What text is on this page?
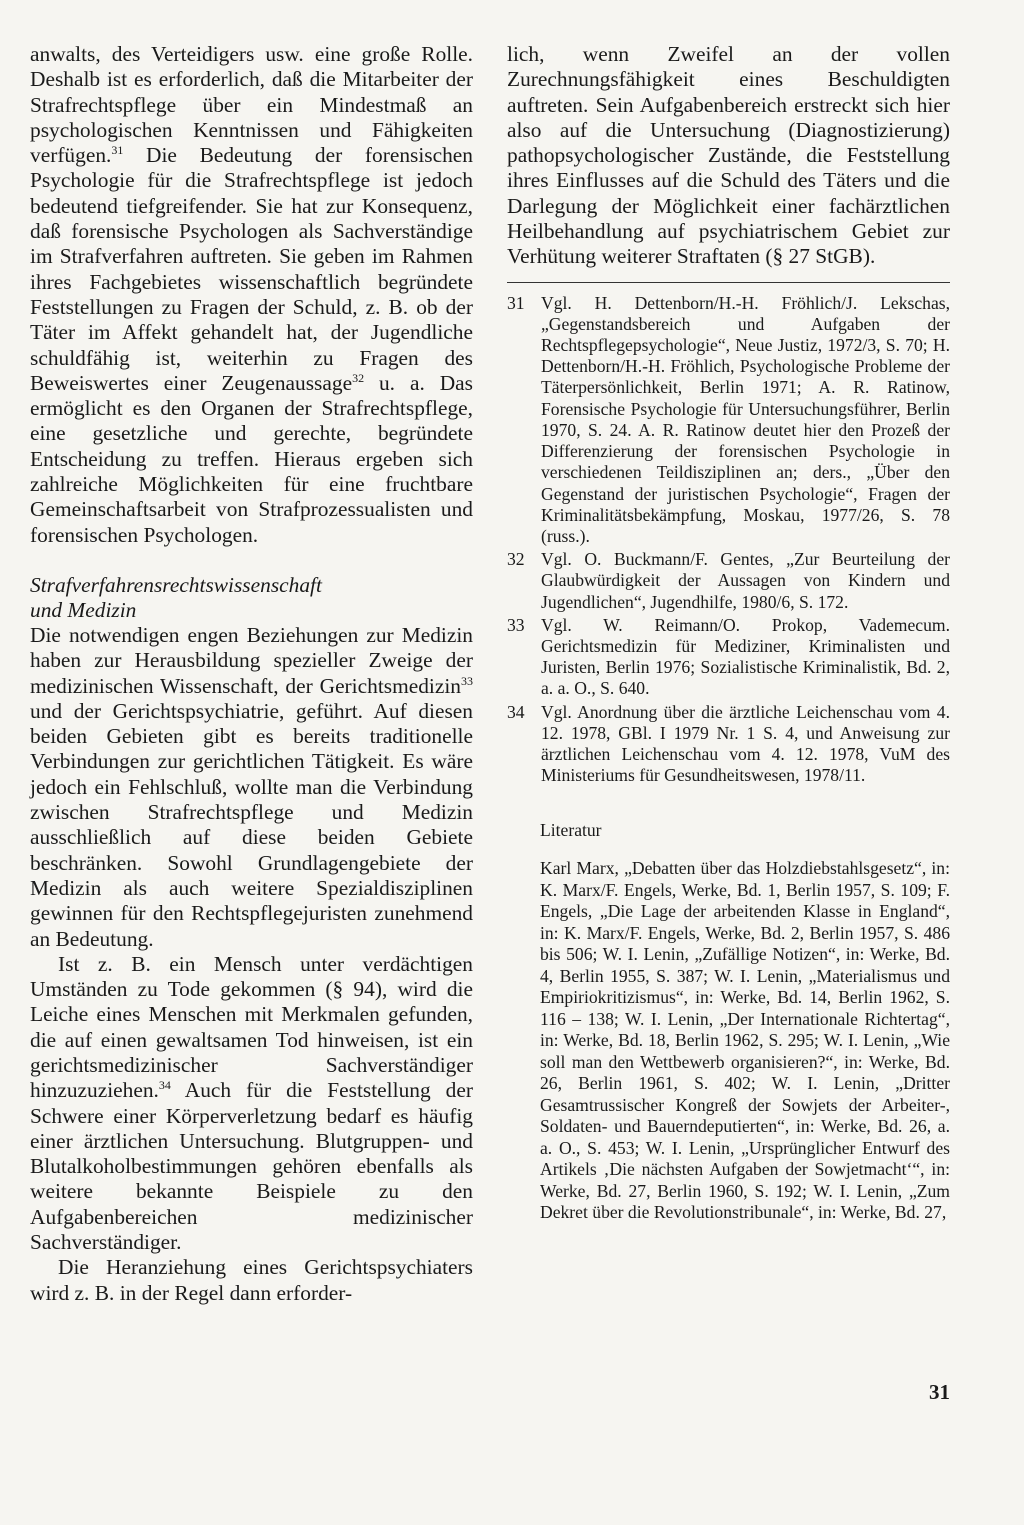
anwalts, des Verteidigers usw. eine große Rolle. Deshalb ist es erforderlich, daß die Mitarbeiter der Strafrechtspflege über ein Mindestmaß an psychologischen Kenntnissen und Fähigkeiten verfügen.$^{31}$ Die Bedeutung der forensischen Psychologie für die Strafrechtspflege ist jedoch bedeutend tiefgreifender. Sie hat zur Konsequenz, daß forensische Psychologen als Sachverständige im Strafverfahren auftreten. Sie geben im Rahmen ihres Fachgebietes wissenschaftlich begründete Feststellungen zu Fragen der Schuld, z. B. ob der Täter im Affekt gehandelt hat, der Jugendliche schuldfähig ist, weiterhin zu Fragen des Beweiswertes einer Zeugenaussage$^{32}$ u. a. Das ermöglicht es den Organen der Strafrechtspflege, eine gesetzliche und gerechte, begründete Entscheidung zu treffen. Hieraus ergeben sich zahlreiche Möglichkeiten für eine fruchtbare Gemeinschaftsarbeit von Strafprozessualisten und forensischen Psychologen.

Strafverfahrensrechtswissenschaft
und Medizin

Die notwendigen engen Beziehungen zur Medizin haben zur Herausbildung spezieller Zweige der medizinischen Wissenschaft, der Gerichtsmedizin$^{33}$ und der Gerichtspsychiatrie, geführt. Auf diesen beiden Gebieten gibt es bereits traditionelle Verbindungen zur gerichtlichen Tätigkeit. Es wäre jedoch ein Fehlschluß, wollte man die Verbindung zwischen Strafrechtspflege und Medizin ausschließlich auf diese beiden Gebiete beschränken. Sowohl Grundlagengebiete der Medizin als auch weitere Spezialdisziplinen gewinnen für den Rechtspflegejuristen zunehmend an Bedeutung.

Ist z. B. ein Mensch unter verdächtigen Umständen zu Tode gekommen (§ 94), wird die Leiche eines Menschen mit Merkmalen gefunden, die auf einen gewaltsamen Tod hinweisen, ist ein gerichtsmedizinischer Sachverständiger hinzuzuziehen.$^{34}$ Auch für die Feststellung der Schwere einer Körperverletzung bedarf es häufig einer ärztlichen Untersuchung. Blutgruppen- und Blutalkoholbestimmungen gehören ebenfalls als weitere bekannte Beispiele zu den Aufgabenbereichen medizinischer Sachverständiger.

Die Heranziehung eines Gerichtspsychiaters wird z. B. in der Regel dann erforder-

lich, wenn Zweifel an der vollen Zurechnungsfähigkeit eines Beschuldigten auftreten. Sein Aufgabenbereich erstreckt sich hier also auf die Untersuchung (Diagnostizierung) pathopsychologischer Zustände, die Feststellung ihres Einflusses auf die Schuld des Täters und die Darlegung der Möglichkeit einer fachärztlichen Heilbehandlung auf psychiatrischem Gebiet zur Verhütung weiterer Straftaten (§ 27 StGB).

31 Vgl. H. Dettenborn/H.-H. Fröhlich/J. Lekschas, „Gegenstandsbereich und Aufgaben der Rechtspflegepsychologie“, Neue Justiz, 1972/3, S. 70; H. Dettenborn/H.-H. Fröhlich, Psychologische Probleme der Täterpersönlichkeit, Berlin 1971; A. R. Ratinow, Forensische Psychologie für Untersuchungsführer, Berlin 1970, S. 24. A. R. Ratinow deutet hier den Prozeß der Differenzierung der forensischen Psychologie in verschiedenen Teildisziplinen an; ders., „Über den Gegenstand der juristischen Psychologie“, Fragen der Kriminalitätsbekämpfung, Moskau, 1977/26, S. 78 (russ.).
32 Vgl. O. Buckmann/F. Gentes, „Zur Beurteilung der Glaubwürdigkeit der Aussagen von Kindern und Jugendlichen“, Jugendhilfe, 1980/6, S. 172.
33 Vgl. W. Reimann/O. Prokop, Vademecum. Gerichtsmedizin für Mediziner, Kriminalisten und Juristen, Berlin 1976; Sozialistische Kriminalistik, Bd. 2, a. a. O., S. 640.
34 Vgl. Anordnung über die ärztliche Leichenschau vom 4. 12. 1978, GBl. I 1979 Nr. 1 S. 4, und Anweisung zur ärztlichen Leichenschau vom 4. 12. 1978, VuM des Ministeriums für Gesundheitswesen, 1978/11.
Literatur

Karl Marx, „Debatten über das Holzdiebstahlsgesetz“, in: K. Marx/F. Engels, Werke, Bd. 1, Berlin 1957, S. 109; F. Engels, „Die Lage der arbeitenden Klasse in England“, in: K. Marx/F. Engels, Werke, Bd. 2, Berlin 1957, S. 486 bis 506; W. I. Lenin, „Zufällige Notizen“, in: Werke, Bd. 4, Berlin 1955, S. 387; W. I. Lenin, „Materialismus und Empiriokritizismus“, in: Werke, Bd. 14, Berlin 1962, S. 116 – 138; W. I. Lenin, „Der Internationale Richtertag“, in: Werke, Bd. 18, Berlin 1962, S. 295; W. I. Lenin, „Wie soll man den Wettbewerb organisieren?“, in: Werke, Bd. 26, Berlin 1961, S. 402; W. I. Lenin, „Dritter Gesamtrussischer Kongreß der Sowjets der Arbeiter-, Soldaten- und Bauerndeputierten“, in: Werke, Bd. 26, a. a. O., S. 453; W. I. Lenin, „Ursprünglicher Entwurf des Artikels ‚Die nächsten Aufgaben der Sowjetmacht‘“, in: Werke, Bd. 27, Berlin 1960, S. 192; W. I. Lenin, „Zum Dekret über die Revolutionstribunale“, in: Werke, Bd. 27,

31
